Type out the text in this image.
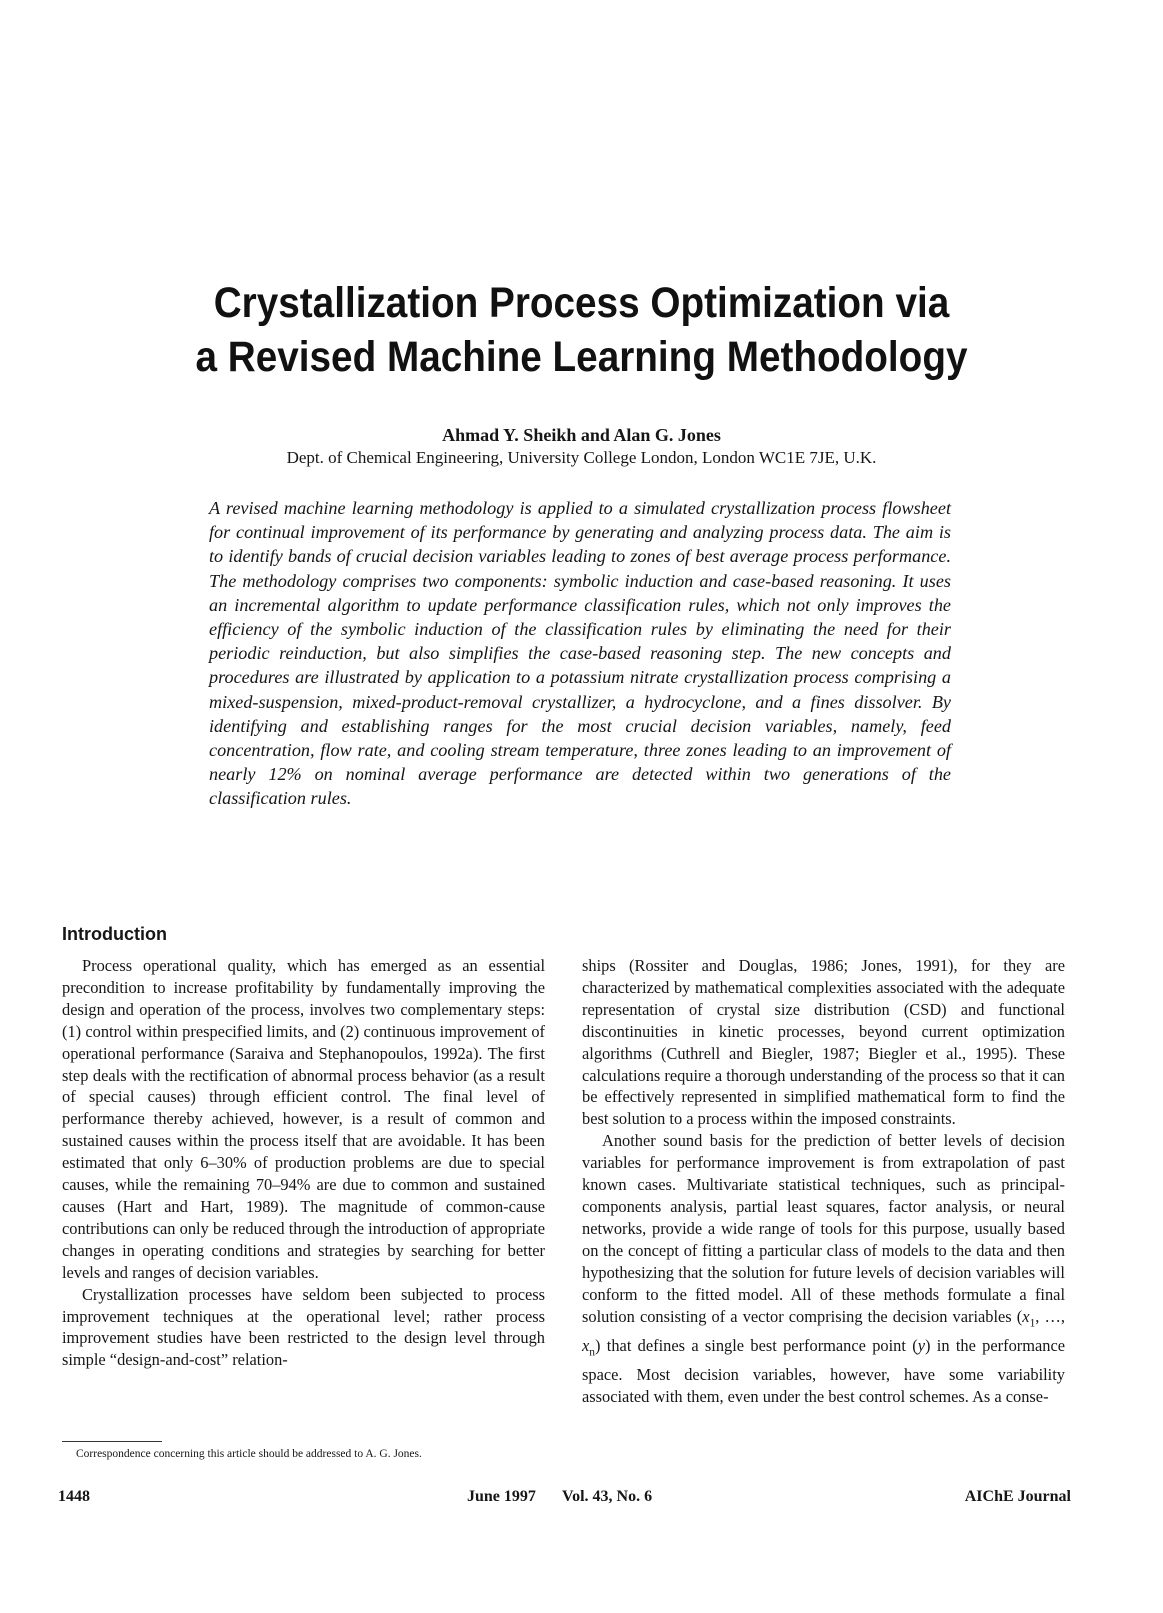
Crystallization Process Optimization via
a Revised Machine Learning Methodology
Ahmad Y. Sheikh and Alan G. Jones
Dept. of Chemical Engineering, University College London, London WC1E 7JE, U.K.

A revised machine learning methodology is applied to a simulated crystallization process flowsheet for continual improvement of its performance by generating and analyzing process data. The aim is to identify bands of crucial decision variables leading to zones of best average process performance. The methodology comprises two components: symbolic induction and case-based reasoning. It uses an incremental algorithm to update performance classification rules, which not only improves the efficiency of the symbolic induction of the classification rules by eliminating the need for their periodic reinduction, but also simplifies the case-based reasoning step. The new concepts and procedures are illustrated by application to a potassium nitrate crystallization process comprising a mixed-suspension, mixed-product-removal crystallizer, a hydrocyclone, and a fines dissolver. By identifying and establishing ranges for the most crucial decision variables, namely, feed concentration, flow rate, and cooling stream temperature, three zones leading to an improvement of nearly 12% on nominal average performance are detected within two generations of the classification rules.

Introduction

Process operational quality, which has emerged as an essential precondition to increase profitability by fundamentally improving the design and operation of the process, involves two complementary steps: (1) control within prespecified limits, and (2) continuous improvement of operational performance (Saraiva and Stephanopoulos, 1992a). The first step deals with the rectification of abnormal process behavior (as a result of special causes) through efficient control. The final level of performance thereby achieved, however, is a result of common and sustained causes within the process itself that are avoidable. It has been estimated that only 6–30% of production problems are due to special causes, while the remaining 70–94% are due to common and sustained causes (Hart and Hart, 1989). The magnitude of common-cause contributions can only be reduced through the introduction of appropriate changes in operating conditions and strategies by searching for better levels and ranges of decision variables.

Crystallization processes have seldom been subjected to process improvement techniques at the operational level; rather process improvement studies have been restricted to the design level through simple “design-and-cost” relation-

ships (Rossiter and Douglas, 1986; Jones, 1991), for they are characterized by mathematical complexities associated with the adequate representation of crystal size distribution (CSD) and functional discontinuities in kinetic processes, beyond current optimization algorithms (Cuthrell and Biegler, 1987; Biegler et al., 1995). These calculations require a thorough understanding of the process so that it can be effectively represented in simplified mathematical form to find the best solution to a process within the imposed constraints.

Another sound basis for the prediction of better levels of decision variables for performance improvement is from extrapolation of past known cases. Multivariate statistical techniques, such as principal-components analysis, partial least squares, factor analysis, or neural networks, provide a wide range of tools for this purpose, usually based on the concept of fitting a particular class of models to the data and then hypothesizing that the solution for future levels of decision variables will conform to the fitted model. All of these methods formulate a final solution consisting of a vector comprising the decision variables ($x_1$, …, $x_n$) that defines a single best performance point (y) in the performance space. Most decision variables, however, have some variability associated with them, even under the best control schemes. As a conse-

Correspondence concerning this article should be addressed to A. G. Jones.
1448	June 1997 Vol. 43, No. 6	AIChE Journal
